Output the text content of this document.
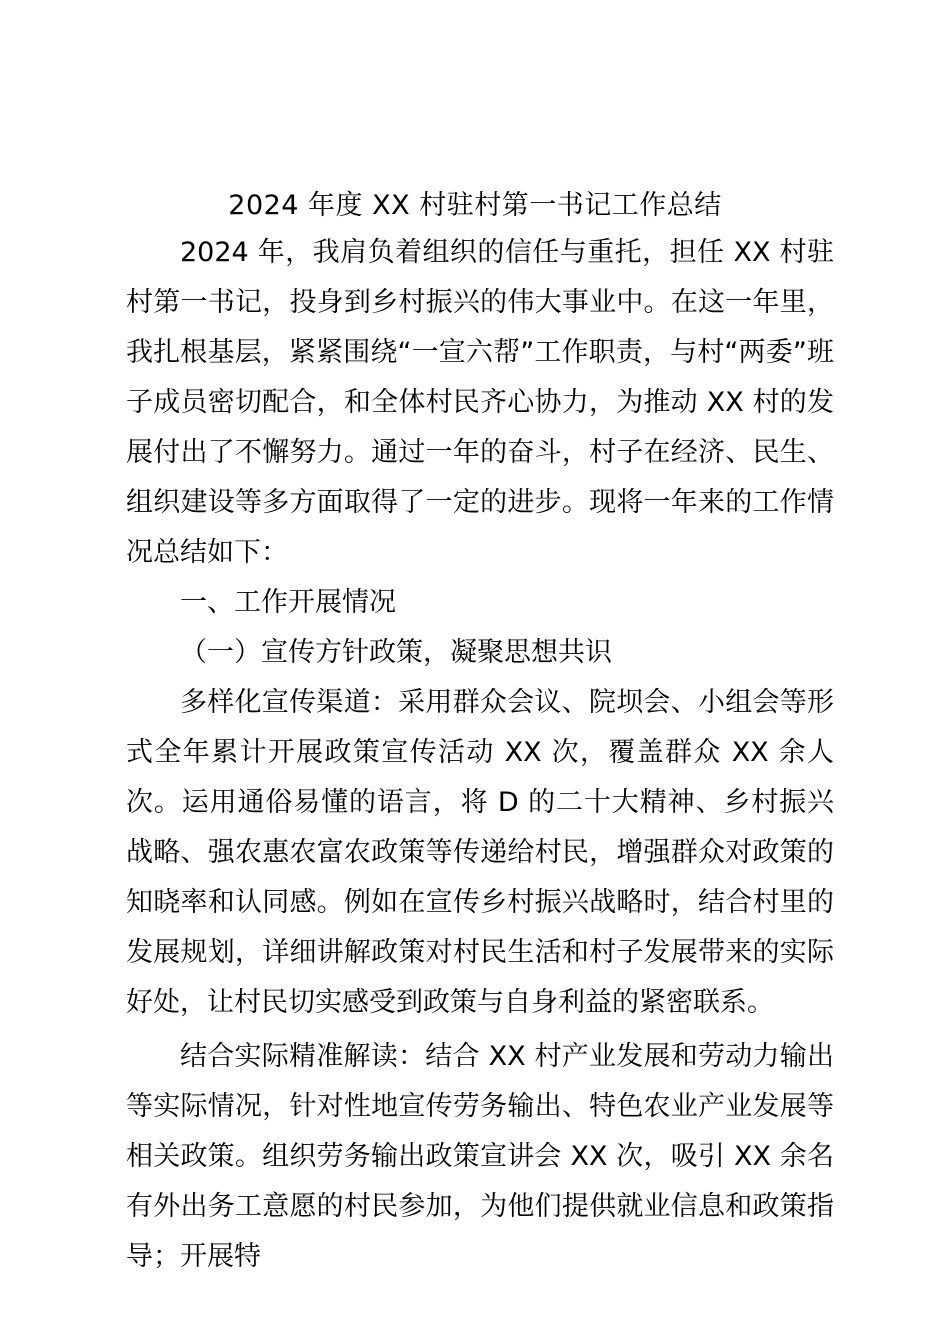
2024 年度 XX 村驻村第一书记工作总结

2024 年，我肩负着组织的信任与重托，担任 XX 村驻村第一书记，投身到乡村振兴的伟大事业中。在这一年里，我扎根基层，紧紧围绕“一宣六帮”工作职责，与村“两委”班子成员密切配合，和全体村民齐心协力，为推动 XX 村的发展付出了不懈努力。通过一年的奋斗，村子在经济、民生、组织建设等多方面取得了一定的进步。现将一年来的工作情况总结如下：

一、工作开展情况

（一）宣传方针政策，凝聚思想共识

多样化宣传渠道：采用群众会议、院坝会、小组会等形式全年累计开展政策宣传活动 XX 次，覆盖群众 XX 余人次。运用通俗易懂的语言，将 D 的二十大精神、乡村振兴战略、强农惠农富农政策等传递给村民，增强群众对政策的知晓率和认同感。例如在宣传乡村振兴战略时，结合村里的发展规划，详细讲解政策对村民生活和村子发展带来的实际好处，让村民切实感受到政策与自身利益的紧密联系。

结合实际精准解读：结合 XX 村产业发展和劳动力输出等实际情况，针对性地宣传劳务输出、特色农业产业发展等相关政策。组织劳务输出政策宣讲会 XX 次，吸引 XX 余名有外出务工意愿的村民参加，为他们提供就业信息和政策指导；开展特
